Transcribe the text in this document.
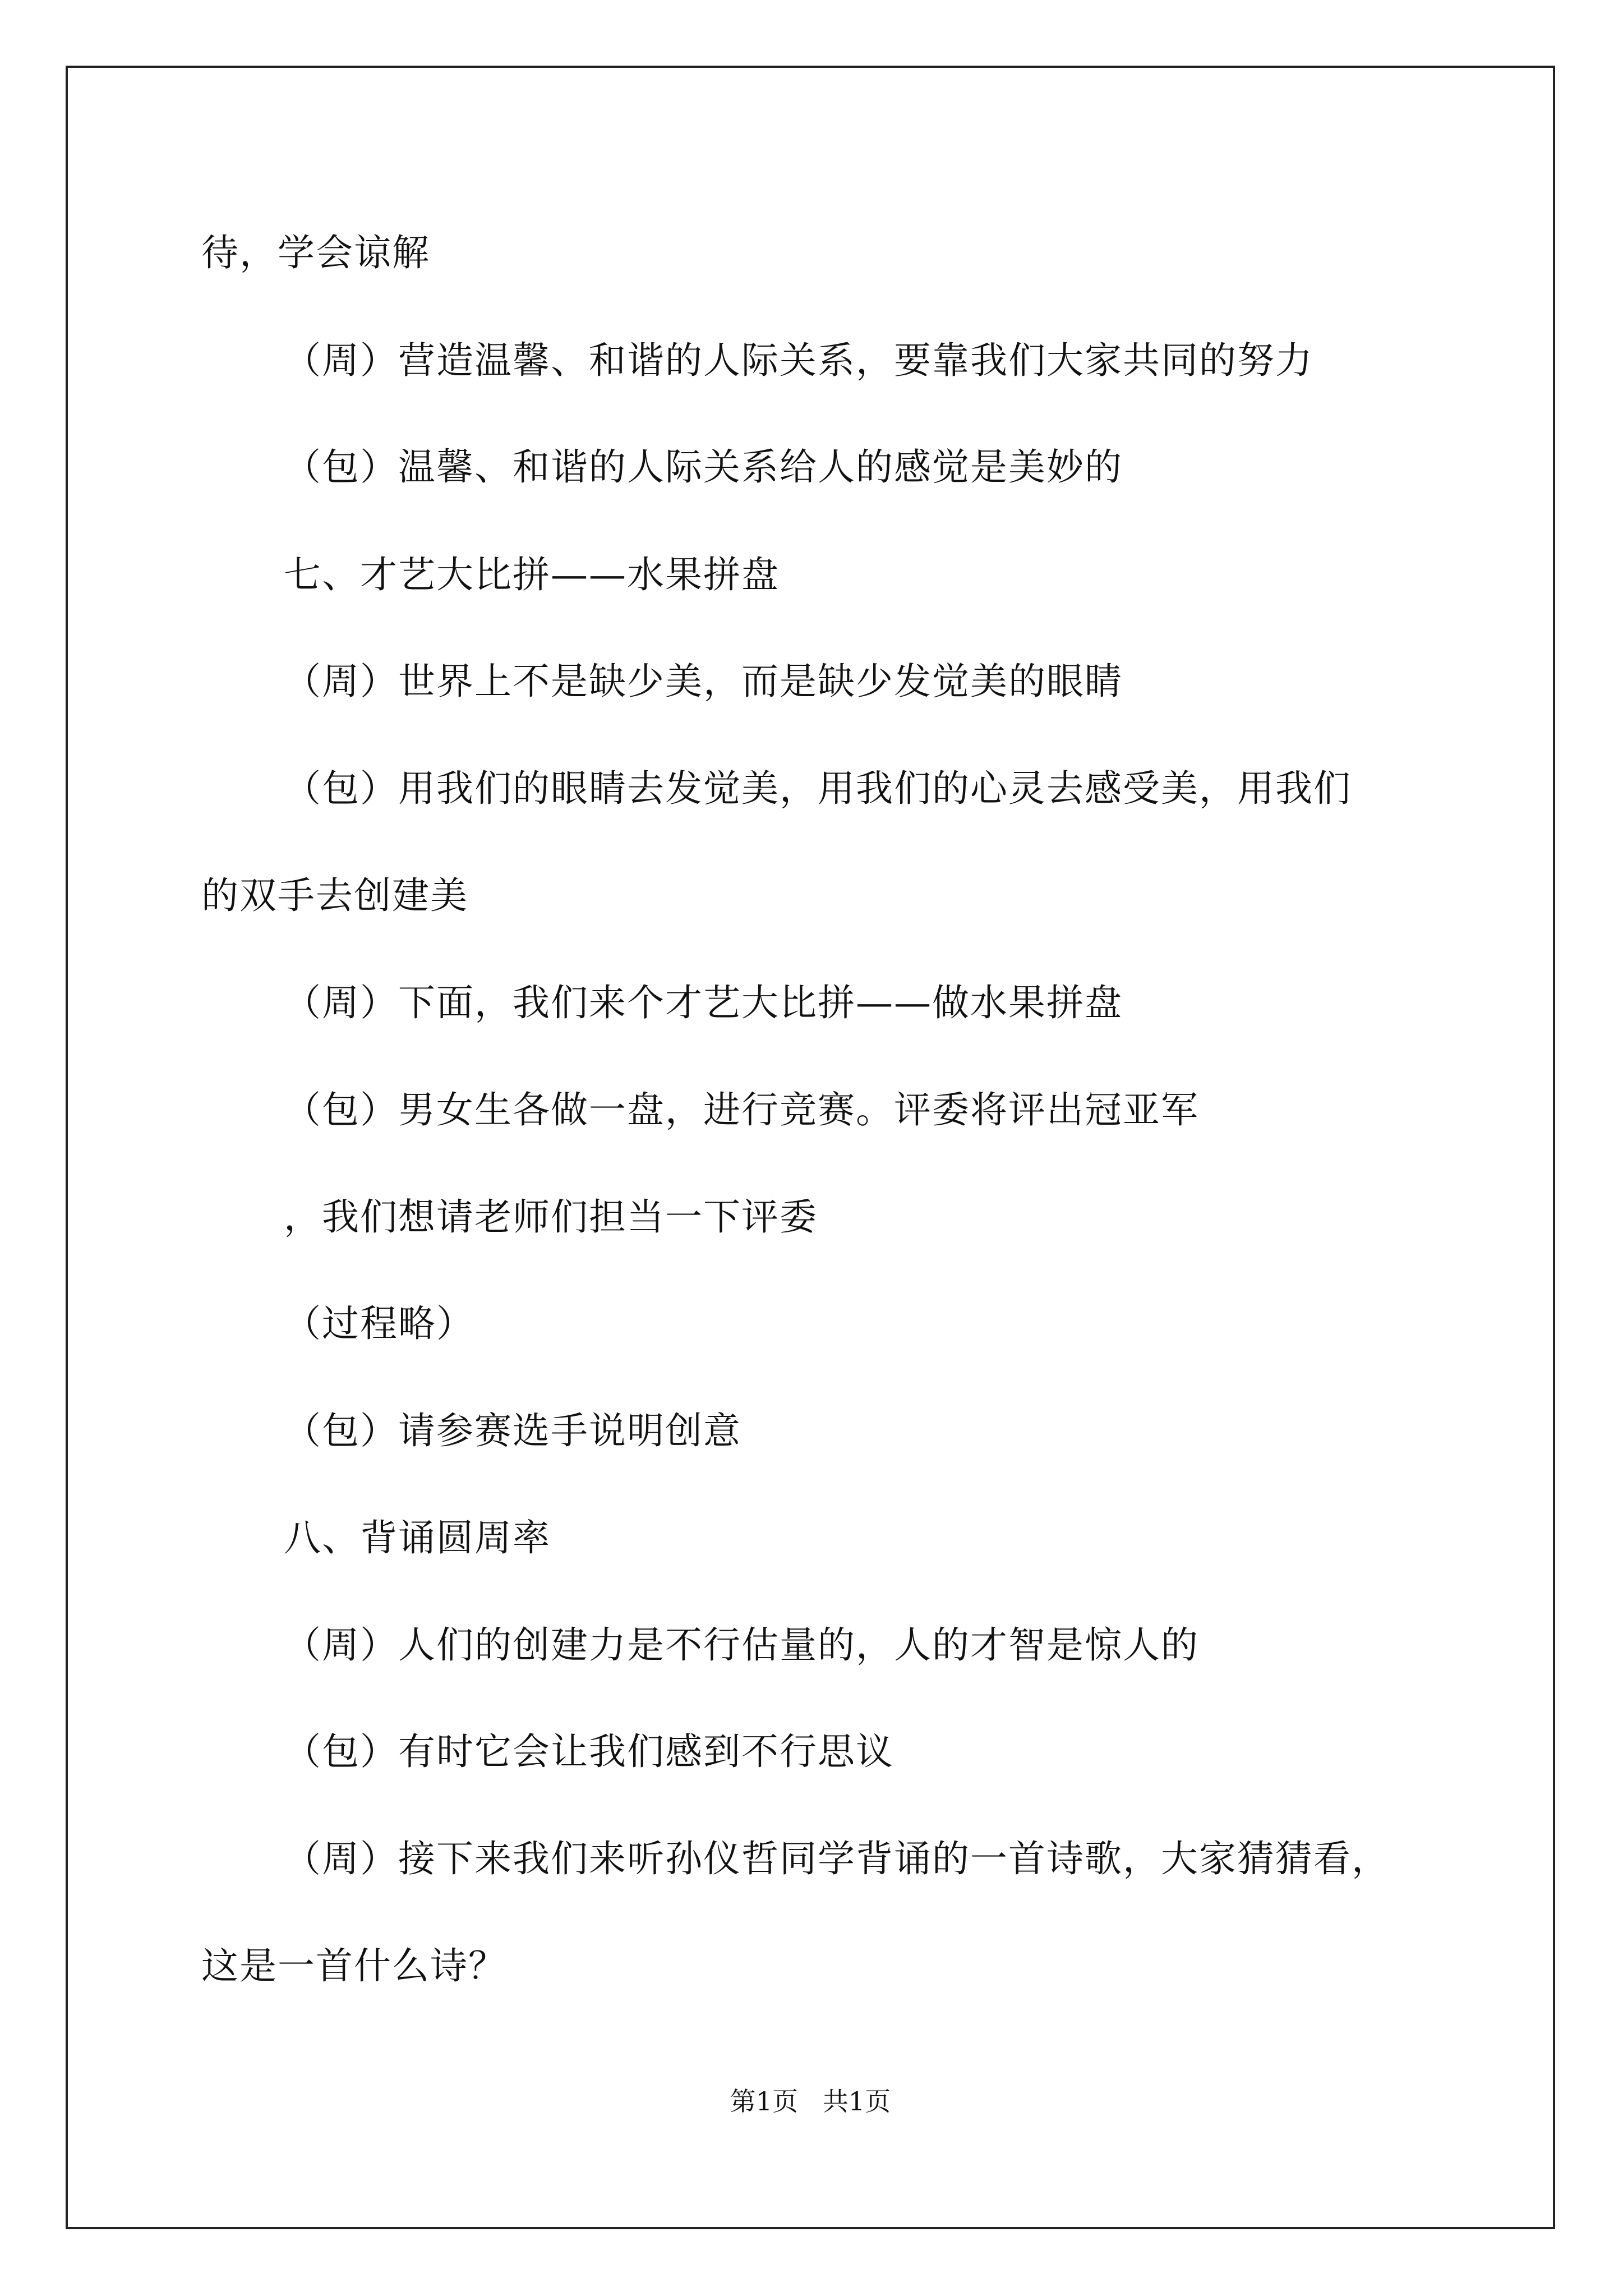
待，学会谅解
（周）营造温馨、和谐的人际关系，要靠我们大家共同的努力
（包）温馨、和谐的人际关系给人的感觉是美妙的
七、才艺大比拼——水果拼盘
（周）世界上不是缺少美，而是缺少发觉美的眼睛
（包）用我们的眼睛去发觉美，用我们的心灵去感受美，用我们
的双手去创建美
（周）下面，我们来个才艺大比拼——做水果拼盘
（包）男女生各做一盘，进行竞赛。评委将评出冠亚军
，我们想请老师们担当一下评委
（过程略）
（包）请参赛选手说明创意
八、背诵圆周率
（周）人们的创建力是不行估量的，人的才智是惊人的
（包）有时它会让我们感到不行思议
（周）接下来我们来听孙仪哲同学背诵的一首诗歌，大家猜猜看，
这是一首什么诗？
第1页   共1页
